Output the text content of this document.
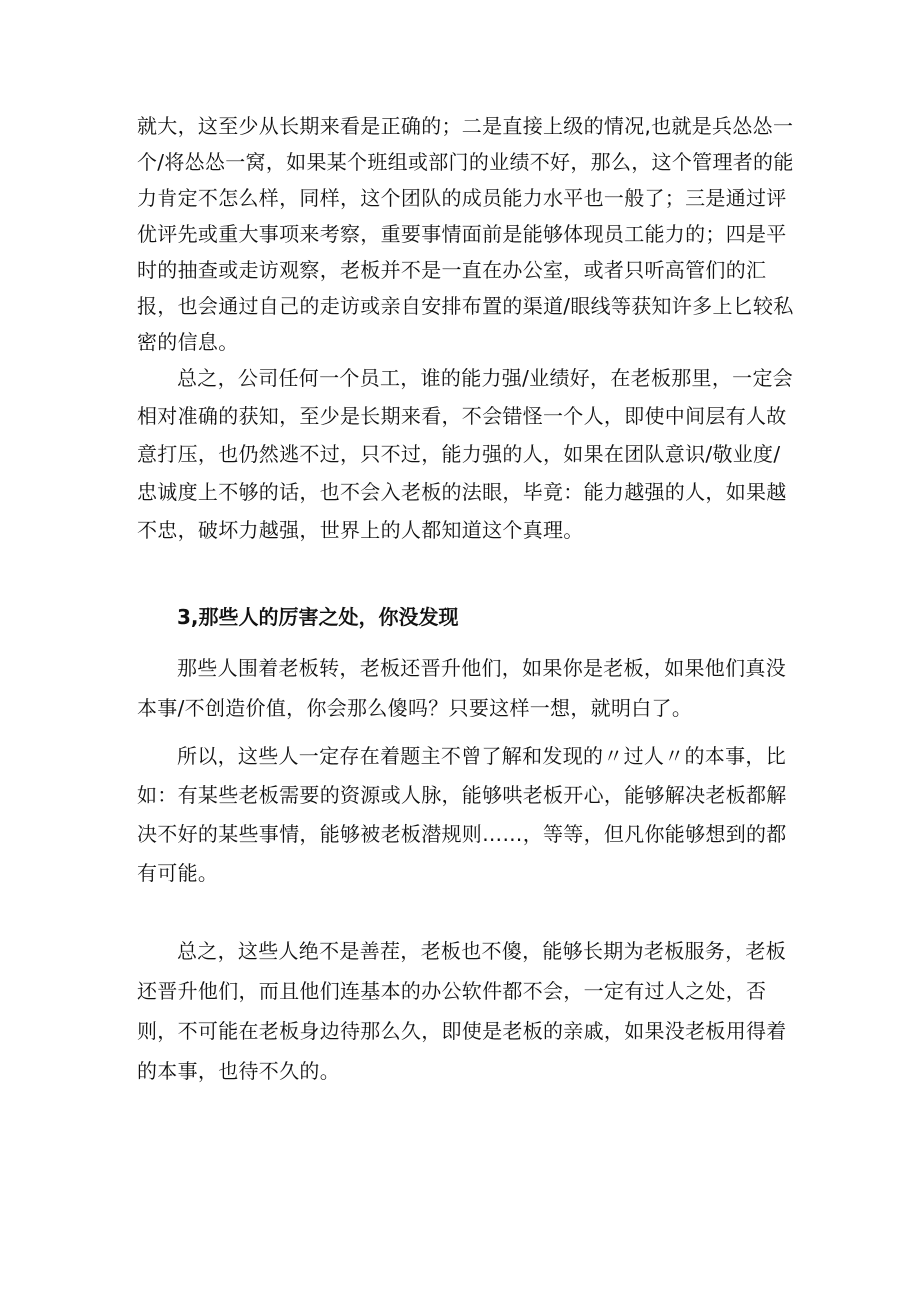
就大，这至少从长期来看是正确的；二是直接上级的情况,也就是兵怂怂一个/将怂怂一窝，如果某个班组或部门的业绩不好，那么，这个管理者的能力肯定不怎么样，同样，这个团队的成员能力水平也一般了；三是通过评优评先或重大事项来考察，重要事情面前是能够体现员工能力的；四是平时的抽查或走访观察，老板并不是一直在办公室，或者只听高管们的汇报，也会通过自己的走访或亲自安排布置的渠道/眼线等获知许多上匕较私密的信息。

总之，公司任何一个员工，谁的能力强/业绩好，在老板那里，一定会相对准确的获知，至少是长期来看，不会错怪一个人，即使中间层有人故意打压，也仍然逃不过，只不过，能力强的人，如果在团队意识/敬业度/忠诚度上不够的话，也不会入老板的法眼，毕竟：能力越强的人，如果越不忠，破坏力越强，世界上的人都知道这个真理。

3,那些人的厉害之处，你没发现

那些人围着老板转，老板还晋升他们，如果你是老板，如果他们真没本事/不创造价值，你会那么傻吗？只要这样一想，就明白了。

所以，这些人一定存在着题主不曾了解和发现的〃过人〃的本事，比如：有某些老板需要的资源或人脉，能够哄老板开心，能够解决老板都解决不好的某些事情，能够被老板潜规则……，等等，但凡你能够想到的都有可能。

总之，这些人绝不是善茬，老板也不傻，能够长期为老板服务，老板还晋升他们，而且他们连基本的办公软件都不会，一定有过人之处，否则，不可能在老板身边待那么久，即使是老板的亲戚，如果没老板用得着的本事，也待不久的。
